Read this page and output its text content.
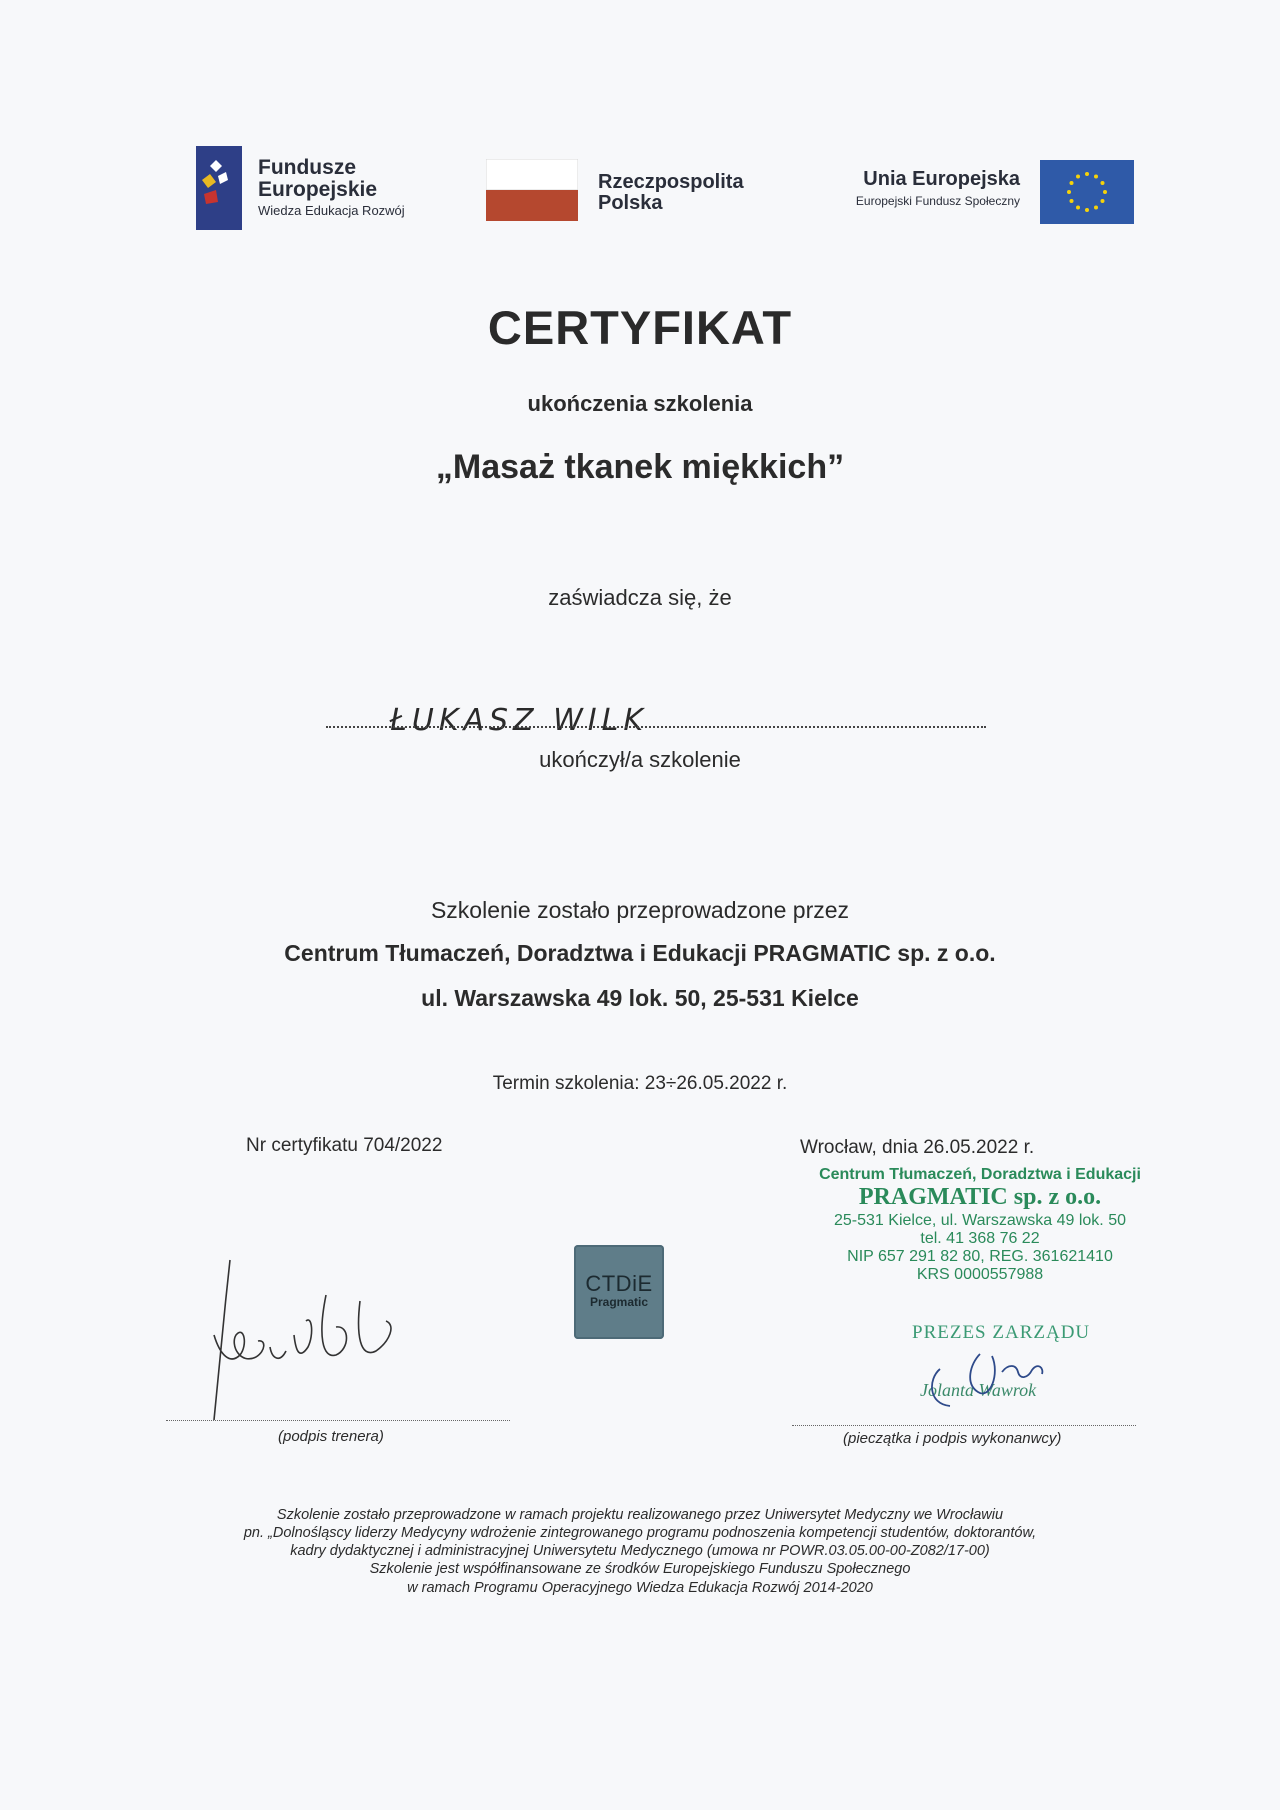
Fundusze
Europejskie
Wiedza Edukacja Rozwój
Rzeczpospolita
Polska
Unia Europejska
Europejski Fundusz Społeczny
CERTYFIKAT
ukończenia szkolenia
„Masaż tkanek miękkich”
zaświadcza się, że
ŁUKASZ WILK
ukończył/a szkolenie
Szkolenie zostało przeprowadzone przez
Centrum Tłumaczeń, Doradztwa i Edukacji PRAGMATIC sp. z o.o.
ul. Warszawska 49 lok. 50, 25-531 Kielce
Termin szkolenia: 23÷26.05.2022 r.
Nr certyfikatu 704/2022	Wrocław, dnia 26.05.2022 r.
Centrum Tłumaczeń, Doradztwa i Edukacji
PRAGMATIC sp. z o.o.
25-531 Kielce, ul. Warszawska 49 lok. 50
tel. 41 368 76 22
NIP 657 291 82 80, REG. 361621410
KRS 0000557988
PREZES ZARZĄDU
Jolanta Wawrok
CTDiE
Pragmatic
(podpis trenera)	(pieczątka i podpis wykonanwcy)
Szkolenie zostało przeprowadzone w ramach projektu realizowanego przez Uniwersytet Medyczny we Wrocławiu
pn. „Dolnośląscy liderzy Medycyny wdrożenie zintegrowanego programu podnoszenia kompetencji studentów, doktorantów,
kadry dydaktycznej i administracyjnej Uniwersytetu Medycznego (umowa nr POWR.03.05.00-00-Z082/17-00)
Szkolenie jest współfinansowane ze środków Europejskiego Funduszu Społecznego
w ramach Programu Operacyjnego Wiedza Edukacja Rozwój 2014-2020
